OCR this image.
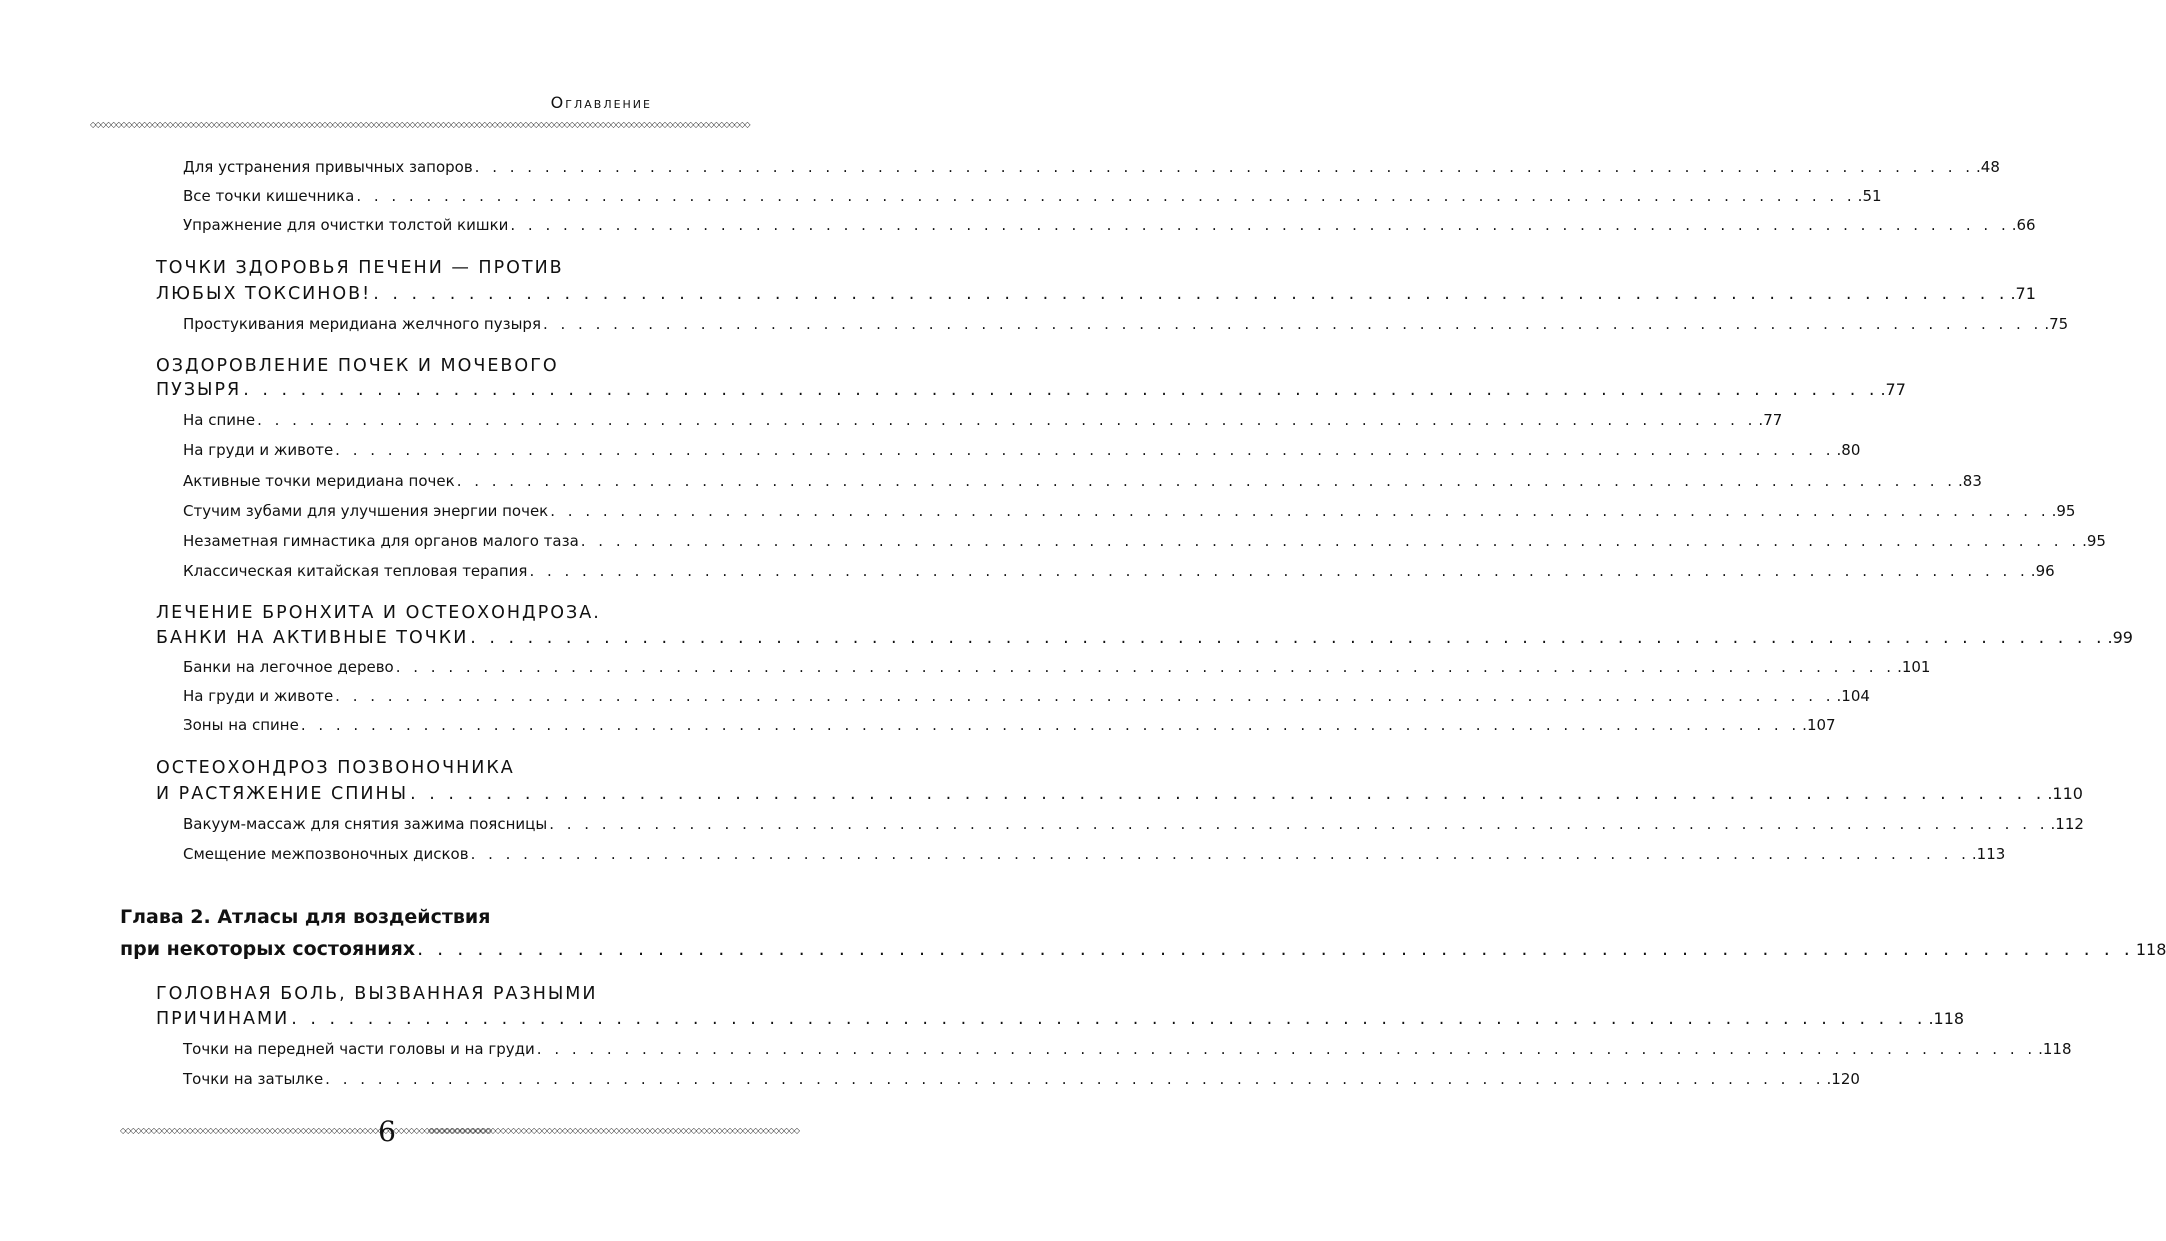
Оглавление
◇◇◇◇◇◇◇◇◇◇◇◇◇◇◇◇◇◇◇◇◇◇◇◇◇◇◇◇◇◇◇◇◇◇◇◇◇◇◇◇◇◇◇◇◇◇◇◇◇◇◇◇◇◇◇◇◇◇◇◇◇◇◇◇◇◇◇◇◇◇◇◇◇◇◇◇◇◇◇◇◇◇◇◇◇◇◇◇◇◇◇◇◇◇◇◇◇◇◇◇◇◇◇◇◇◇◇◇◇◇◇◇◇◇◇◇◇◇◇◇◇◇◇◇◇◇◇◇
Для устранения привычных запоров . . .	.48
Все точки кишечника . . .	.51
Упражнение для очистки толстой кишки . . .	.66
ТОЧКИ ЗДОРОВЬЯ ПЕЧЕНИ — ПРОТИВ
ЛЮБЫХ ТОКСИНОВ! . . .	.71
Простукивания меридиана желчного пузыря . . .	.75
ОЗДОРОВЛЕНИЕ ПОЧЕК И МОЧЕВОГО
ПУЗЫРЯ . . .	.77
На спине . . .	.77
На груди и животе . . .	.80
Активные точки меридиана почек . . .	.83
Стучим зубами для улучшения энергии почек . . .	.95
Незаметная гимнастика для органов малого таза . . .	.95
Классическая китайская тепловая терапия . . .	.96
ЛЕЧЕНИЕ БРОНХИТА И ОСТЕОХОНДРОЗА.
БАНКИ НА АКТИВНЫЕ ТОЧКИ . . .	.99
Банки на легочное дерево . . .	.101
На груди и животе . . .	.104
Зоны на спине . . .	.107
ОСТЕОХОНДРОЗ ПОЗВОНОЧНИКА
И РАСТЯЖЕНИЕ СПИНЫ . . .	.110
Вакуум-массаж для снятия зажима поясницы . . .	.112
Смещение межпозвоночных дисков . . .	.113
Глава 2. Атласы для воздействия
при некоторых состояниях . . .	118
ГОЛОВНАЯ БОЛЬ, ВЫЗВАННАЯ РАЗНЫМИ
ПРИЧИНАМИ . . .	.118
Точки на передней части головы и на груди . . .	.118
Точки на затылке . . .	.120
◇◇◇◇◇◇◇◇◇◇◇◇◇◇◇◇◇◇◇◇◇◇◇◇◇◇◇◇◇◇◇◇◇◇◇◇◇◇◇◇◇◇◇◇◇◇◇◇◇◇◇◇◇◇◇◇◇◇◇◇◇◇◇◇◇◇◇◇◇◇◇◇
6	◇◇◇◇◇◇◇◇◇◇◇◇◇◇◇◇◇◇◇◇◇◇◇◇◇◇◇◇◇◇◇◇◇◇◇◇◇◇◇◇◇◇◇◇◇◇◇◇◇◇◇◇◇◇◇◇◇◇◇◇◇◇◇◇◇◇◇◇◇◇◇◇
